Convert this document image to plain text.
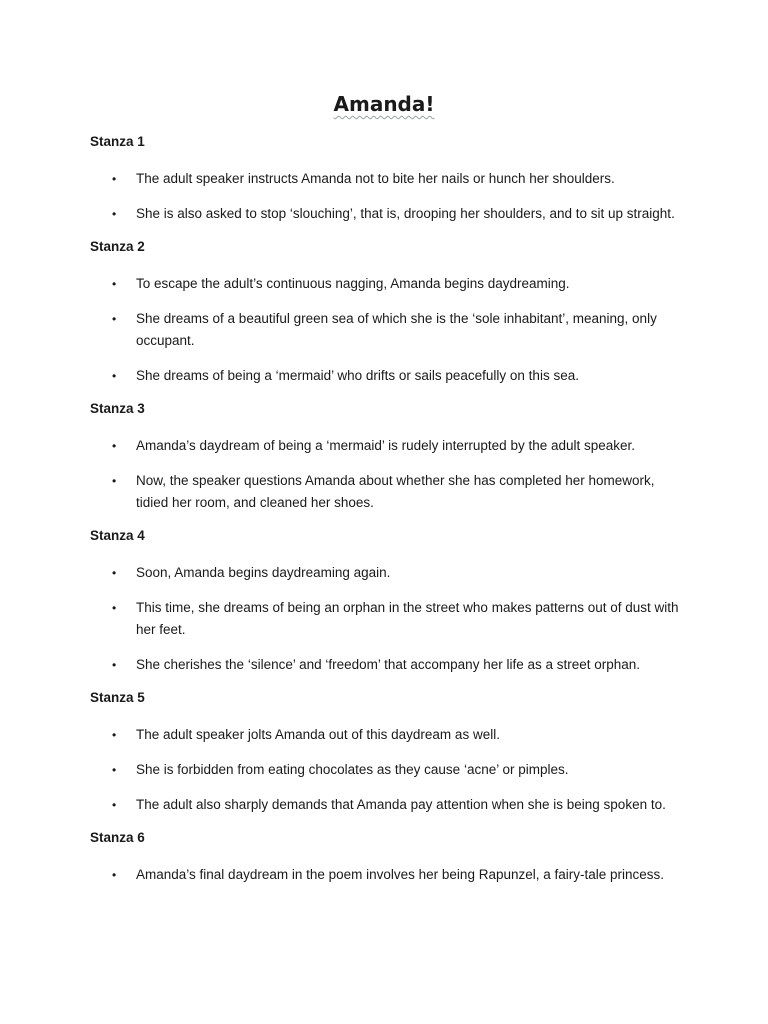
Amanda!

Stanza 1

• The adult speaker instructs Amanda not to bite her nails or hunch her shoulders.
• She is also asked to stop ‘slouching’, that is, drooping her shoulders, and to sit up straight.

Stanza 2

• To escape the adult’s continuous nagging, Amanda begins daydreaming.
• She dreams of a beautiful green sea of which she is the ‘sole inhabitant’, meaning, only occupant.
• She dreams of being a ‘mermaid’ who drifts or sails peacefully on this sea.

Stanza 3

• Amanda’s daydream of being a ‘mermaid’ is rudely interrupted by the adult speaker.
• Now, the speaker questions Amanda about whether she has completed her homework, tidied her room, and cleaned her shoes.

Stanza 4

• Soon, Amanda begins daydreaming again.
• This time, she dreams of being an orphan in the street who makes patterns out of dust with her feet.
• She cherishes the ‘silence’ and ‘freedom’ that accompany her life as a street orphan.

Stanza 5

• The adult speaker jolts Amanda out of this daydream as well.
• She is forbidden from eating chocolates as they cause ‘acne’ or pimples.
• The adult also sharply demands that Amanda pay attention when she is being spoken to.

Stanza 6

• Amanda’s final daydream in the poem involves her being Rapunzel, a fairy-tale princess.
